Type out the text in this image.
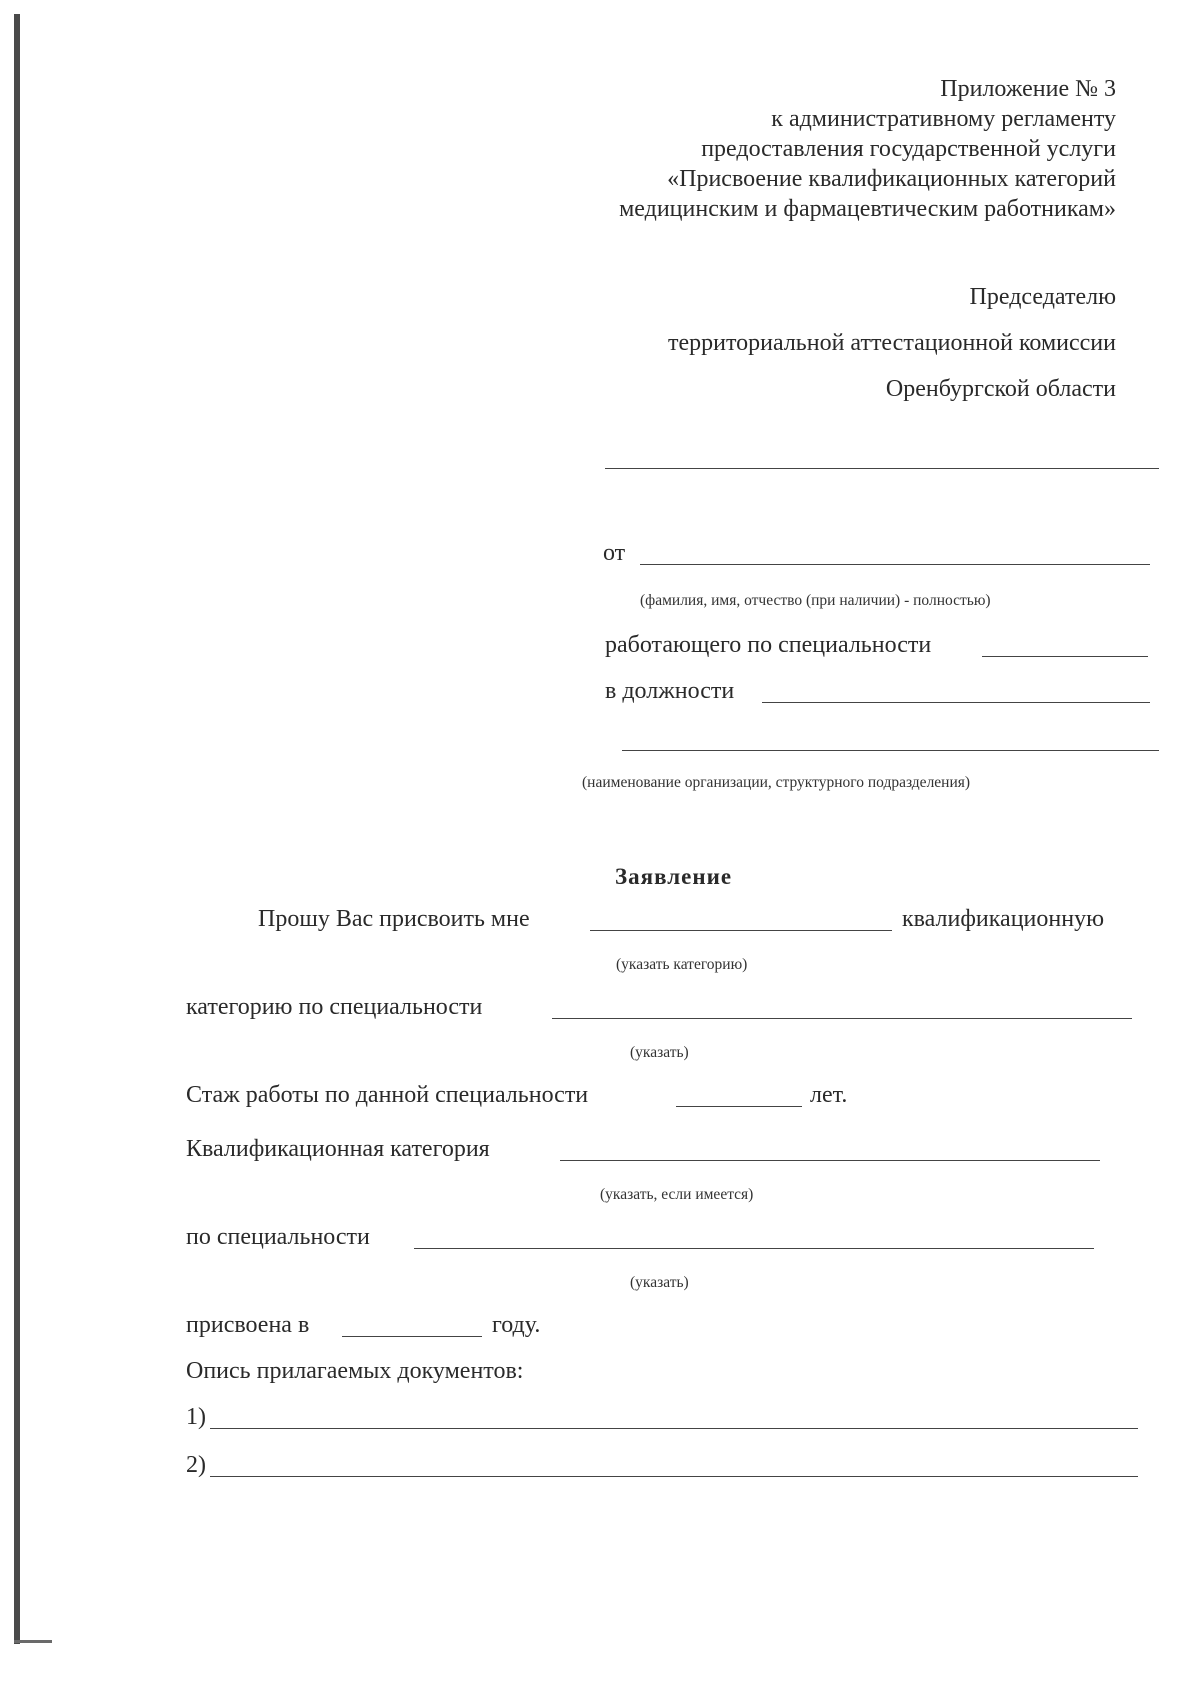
Приложение № 3
к административному регламенту
предоставления государственной услуги
«Присвоение квалификационных категорий
медицинским и фармацевтическим работникам»
Председателю
территориальной аттестационной комиссии
Оренбургской области
от
(фамилия, имя, отчество (при наличии) - полностью)
работающего по специальности
в должности
(наименование организации, структурного подразделения)
Заявление
Прошу Вас присвоить мне	квалификационную
(указать категорию)
категорию по специальности
(указать)
Стаж работы по данной специальности	лет.
Квалификационная категория
(указать, если имеется)
по специальности
(указать)
присвоена в	году.
Опись прилагаемых документов:
1)
2)
